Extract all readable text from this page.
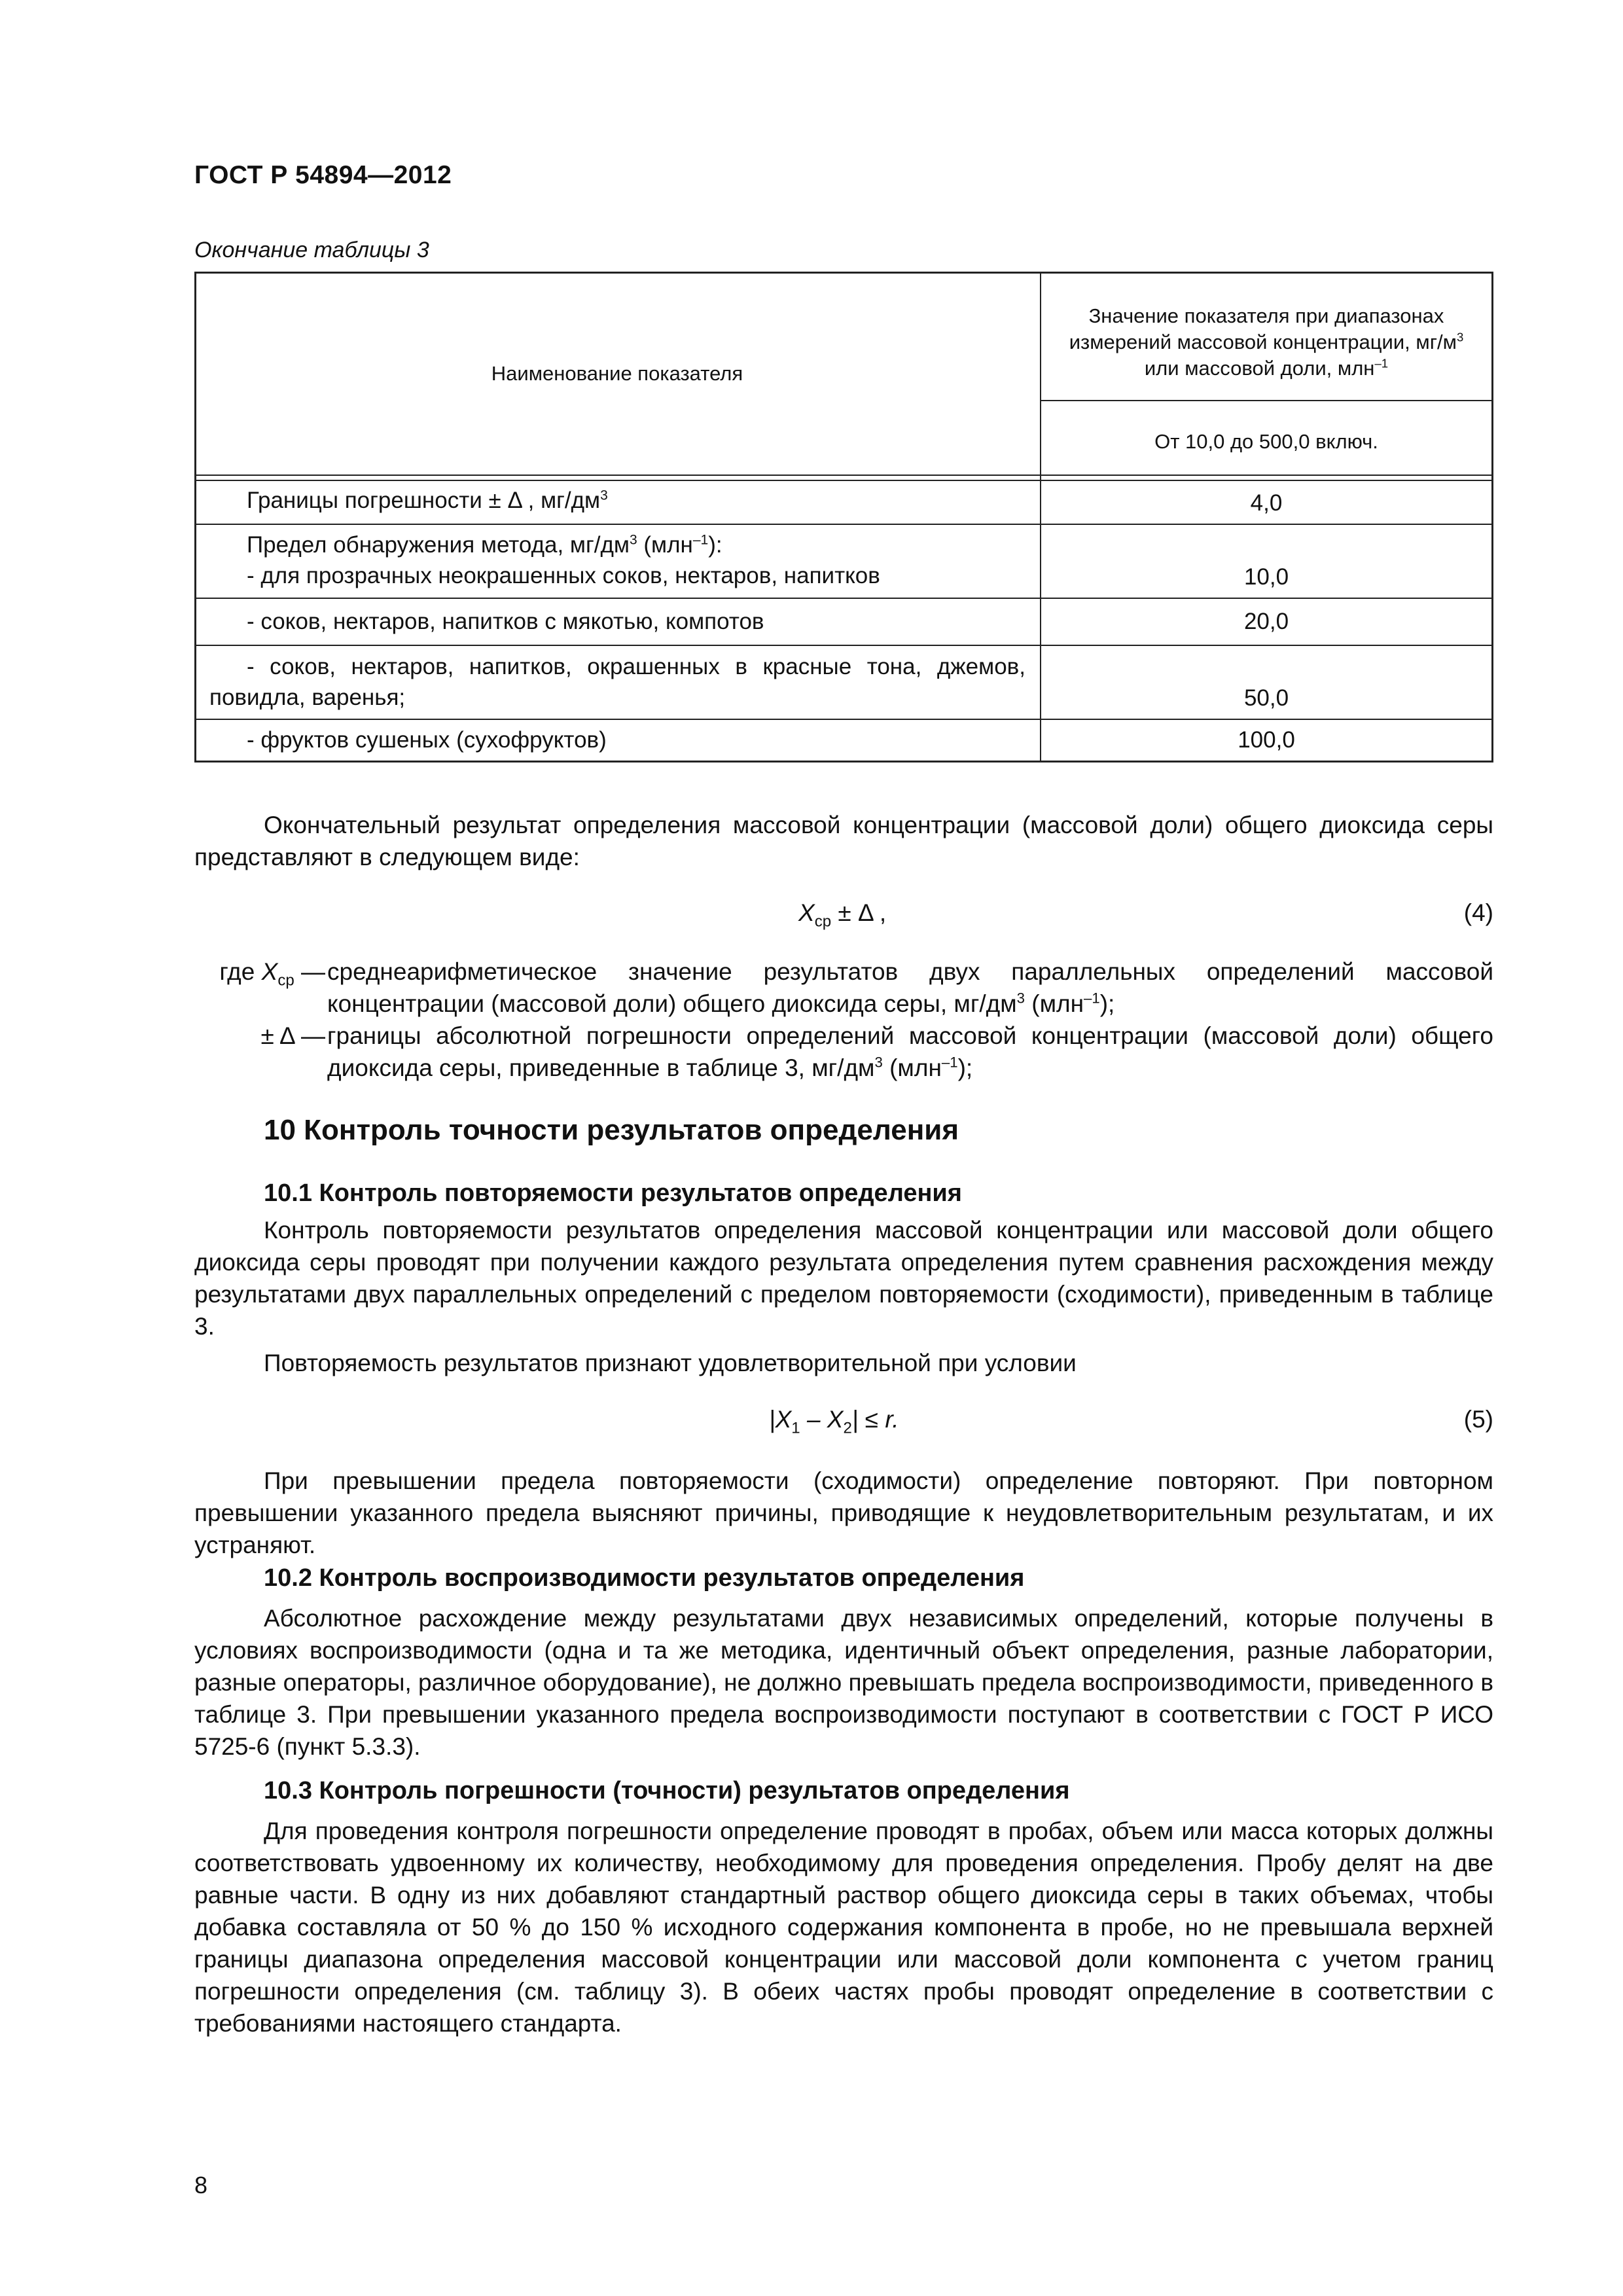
ГОСТ Р 54894—2012
Окончание таблицы 3
Наименование показателя
Значение показателя при диапазонах
измерений массовой концентрации, $мг/м^3$
или массовой доли, млн$^{-1}$
От 10,0 до 500,0 включ.
Границы погрешности ± Δ , $мг/дм^3$	4,0
Предел обнаружения метода, $мг/дм^3$ (млн$^{-1}$):
- для прозрачных неокрашенных соков, нектаров, напитков	10,0
- соков, нектаров, напитков с мякотью, компотов	20,0
- соков, нектаров, напитков, окрашенных в красные тона, джемов,
повидла, варенья;	50,0
- фруктов сушеных (сухофруктов)	100,0
Окончательный результат определения массовой концентрации (массовой доли) общего диоксида серы представляют в следующем виде:
$X_{ср} \pm \Delta$ ,	(4)
где $X_{ср}$ — среднеарифметическое значение результатов двух параллельных определений массовой концентрации (массовой доли) общего диоксида серы, $мг/дм^3$ (млн$^{-1}$);
± Δ — границы абсолютной погрешности определений массовой концентрации (массовой доли) общего диоксида серы, приведенные в таблице 3, $мг/дм^3$ (млн$^{-1}$);
10 Контроль точности результатов определения
10.1 Контроль повторяемости результатов определения
Контроль повторяемости результатов определения массовой концентрации или массовой доли общего диоксида серы проводят при получении каждого результата определения путем сравнения расхождения между результатами двух параллельных определений с пределом повторяемости (сходимости), приведенным в таблице 3.
Повторяемость результатов признают удовлетворительной при условии
$|X_1 - X_2| \le r$.	(5)
При превышении предела повторяемости (сходимости) определение повторяют. При повторном превышении указанного предела выясняют причины, приводящие к неудовлетворительным результатам, и их устраняют.
10.2 Контроль воспроизводимости результатов определения
Абсолютное расхождение между результатами двух независимых определений, которые получены в условиях воспроизводимости (одна и та же методика, идентичный объект определения, разные лаборатории, разные операторы, различное оборудование), не должно превышать предела воспроизводимости, приведенного в таблице 3. При превышении указанного предела воспроизводимости поступают в соответствии с ГОСТ Р ИСО 5725-6 (пункт 5.3.3).
10.3 Контроль погрешности (точности) результатов определения
Для проведения контроля погрешности определение проводят в пробах, объем или масса которых должны соответствовать удвоенному их количеству, необходимому для проведения определения. Пробу делят на две равные части. В одну из них добавляют стандартный раствор общего диоксида серы в таких объемах, чтобы добавка составляла от 50 % до 150 % исходного содержания компонента в пробе, но не превышала верхней границы диапазона определения массовой концентрации или массовой доли компонента с учетом границ погрешности определения (см. таблицу 3). В обеих частях пробы проводят определение в соответствии с требованиями настоящего стандарта.
8
